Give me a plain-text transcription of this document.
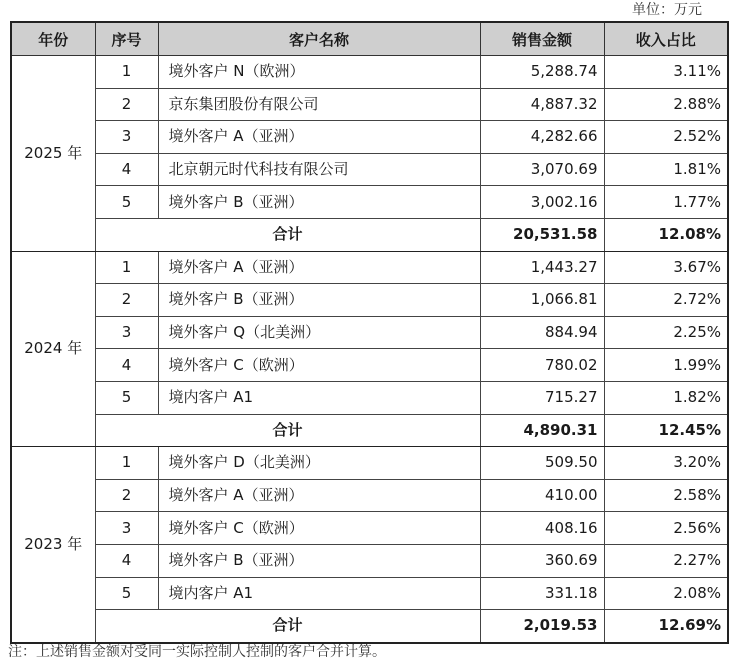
单位：万元
年份	序号	客户名称	销售金额	收入占比
2025 年	1	境外客户 N（欧洲）	5,288.74	3.11%
	2	京东集团股份有限公司	4,887.32	2.88%
	3	境外客户 A（亚洲）	4,282.66	2.52%
	4	北京朝元时代科技有限公司	3,070.69	1.81%
	5	境外客户 B（亚洲）	3,002.16	1.77%
	合计		20,531.58	12.08%
2024 年	1	境外客户 A（亚洲）	1,443.27	3.67%
	2	境外客户 B（亚洲）	1,066.81	2.72%
	3	境外客户 Q（北美洲）	884.94	2.25%
	4	境外客户 C（欧洲）	780.02	1.99%
	5	境内客户 A1	715.27	1.82%
	合计		4,890.31	12.45%
2023 年	1	境外客户 D（北美洲）	509.50	3.20%
	2	境外客户 A（亚洲）	410.00	2.58%
	3	境外客户 C（欧洲）	408.16	2.56%
	4	境外客户 B（亚洲）	360.69	2.27%
	5	境内客户 A1	331.18	2.08%
	合计		2,019.53	12.69%
注：上述销售金额对受同一实际控制人控制的客户合并计算。
